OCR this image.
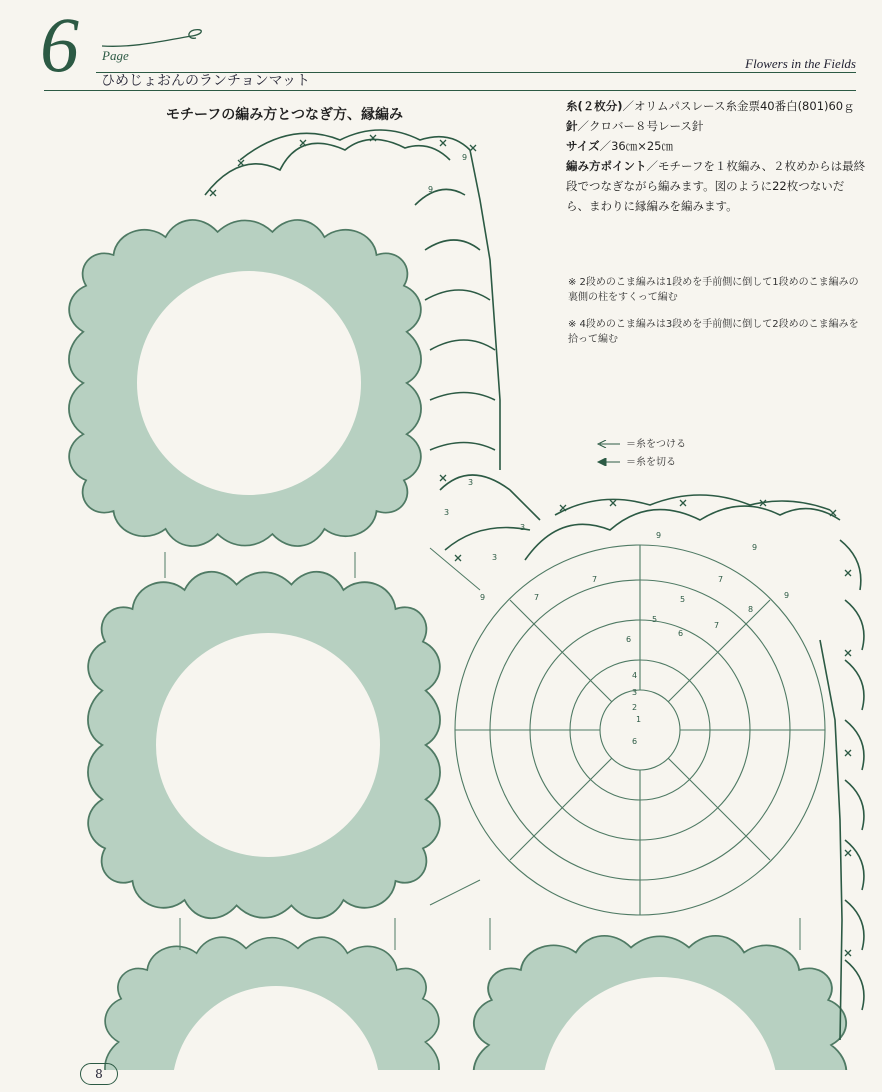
6 Page
ひめじょおんのランチョンマット
Flowers in the Fields
モチーフの編み方とつなぎ方、縁編み

糸(２枚分)／オリムパスレース糸金票40番白(801)60ｇ

針／クロバー８号レース針

サイズ／36㎝×25㎝

編み方ポイント／モチーフを１枚編み、２枚めからは最終段でつなぎながら編みます。図のように22枚つないだら、まわりに縁編みを編みます。

※ 2段めのこま編みは1段めを手前側に倒して1段めのこま編みの裏側の柱をすくって編む

※ 4段めのこま編みは3段めを手前側に倒して2段めのこま編みを拾って編む

＝糸をつける
＝糸を切る
9
9
3
3
3
3
9
9
9
9
7
7	7
7
5
5
6
6
4
3
2
1
6
8
8
